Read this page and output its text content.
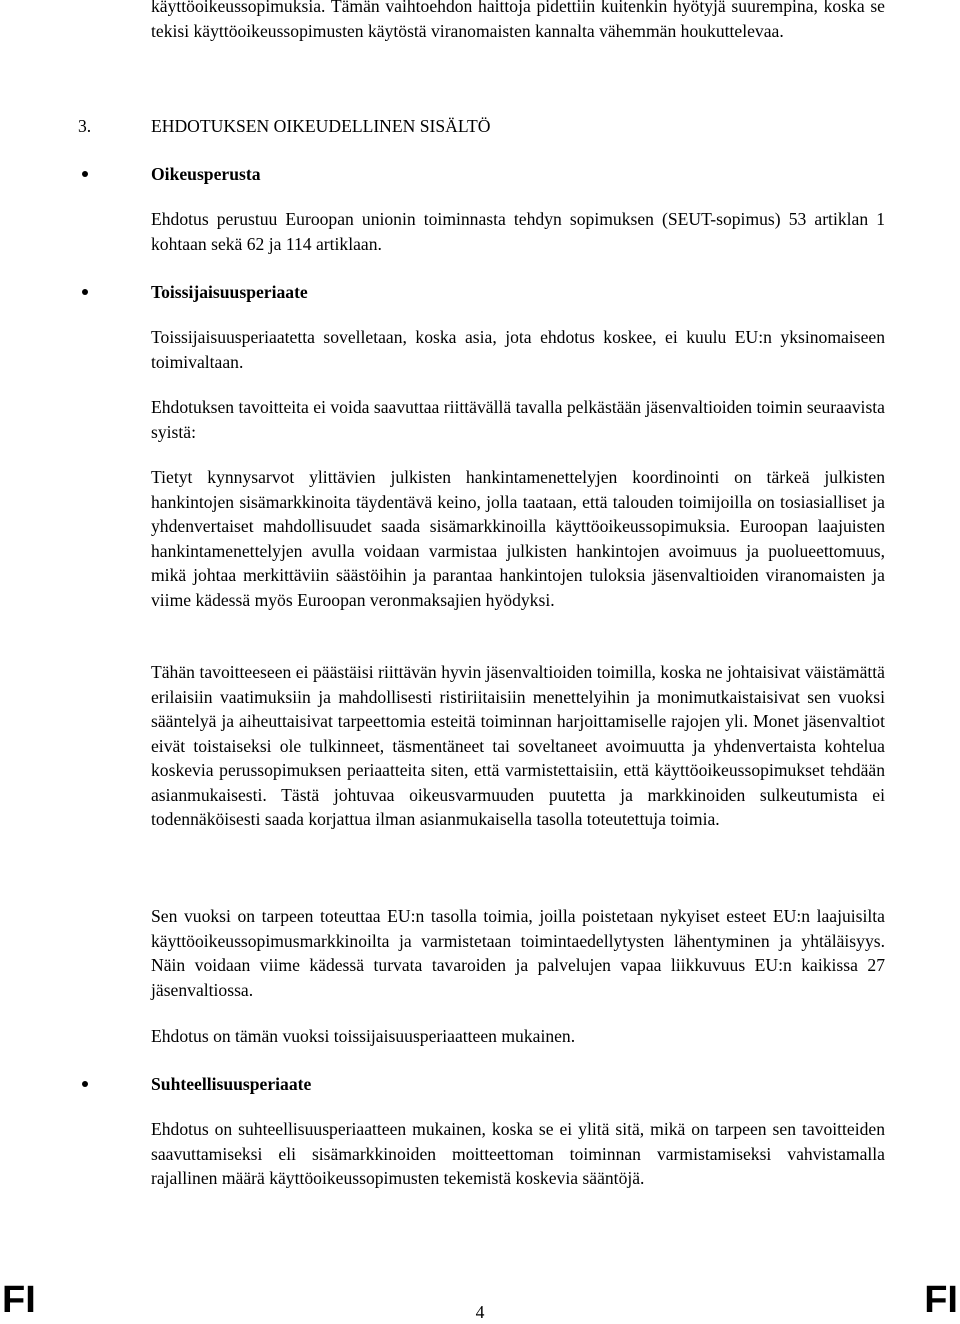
käyttöoikeussopimuksia. Tämän vaihtoehdon haittoja pidettiin kuitenkin hyötyjä suurempina, koska se tekisi käyttöoikeussopimusten käytöstä viranomaisten kannalta vähemmän houkuttelevaa.

3.	EHDOTUKSEN OIKEUDELLINEN SISÄLTÖ

Oikeusperusta

Ehdotus perustuu Euroopan unionin toiminnasta tehdyn sopimuksen (SEUT-sopimus) 53 artiklan 1 kohtaan sekä 62 ja 114 artiklaan.

Toissijaisuusperiaate

Toissijaisuusperiaatetta sovelletaan, koska asia, jota ehdotus koskee, ei kuulu EU:n yksinomaiseen toimivaltaan.

Ehdotuksen tavoitteita ei voida saavuttaa riittävällä tavalla pelkästään jäsenvaltioiden toimin seuraavista syistä:

Tietyt kynnysarvot ylittävien julkisten hankintamenettelyjen koordinointi on tärkeä julkisten hankintojen sisämarkkinoita täydentävä keino, jolla taataan, että talouden toimijoilla on tosiasialliset ja yhdenvertaiset mahdollisuudet saada sisämarkkinoilla käyttöoikeussopimuksia. Euroopan laajuisten hankintamenettelyjen avulla voidaan varmistaa julkisten hankintojen avoimuus ja puolueettomuus, mikä johtaa merkittäviin säästöihin ja parantaa hankintojen tuloksia jäsenvaltioiden viranomaisten ja viime kädessä myös Euroopan veronmaksajien hyödyksi.

Tähän tavoitteeseen ei päästäisi riittävän hyvin jäsenvaltioiden toimilla, koska ne johtaisivat väistämättä erilaisiin vaatimuksiin ja mahdollisesti ristiriitaisiin menettelyihin ja monimutkaistaisivat sen vuoksi sääntelyä ja aiheuttaisivat tarpeettomia esteitä toiminnan harjoittamiselle rajojen yli. Monet jäsenvaltiot eivät toistaiseksi ole tulkinneet, täsmentäneet tai soveltaneet avoimuutta ja yhdenvertaista kohtelua koskevia perussopimuksen periaatteita siten, että varmistettaisiin, että käyttöoikeussopimukset tehdään asianmukaisesti. Tästä johtuvaa oikeusvarmuuden puutetta ja markkinoiden sulkeutumista ei todennäköisesti saada korjattua ilman asianmukaisella tasolla toteutettuja toimia.

Sen vuoksi on tarpeen toteuttaa EU:n tasolla toimia, joilla poistetaan nykyiset esteet EU:n laajuisilta käyttöoikeussopimusmarkkinoilta ja varmistetaan toimintaedellytysten lähentyminen ja yhtäläisyys. Näin voidaan viime kädessä turvata tavaroiden ja palvelujen vapaa liikkuvuus EU:n kaikissa 27 jäsenvaltiossa.

Ehdotus on tämän vuoksi toissijaisuusperiaatteen mukainen.

Suhteellisuusperiaate

Ehdotus on suhteellisuusperiaatteen mukainen, koska se ei ylitä sitä, mikä on tarpeen sen tavoitteiden saavuttamiseksi eli sisämarkkinoiden moitteettoman toiminnan varmistamiseksi vahvistamalla rajallinen määrä käyttöoikeussopimusten tekemistä koskevia sääntöjä.

FI	4	FI
